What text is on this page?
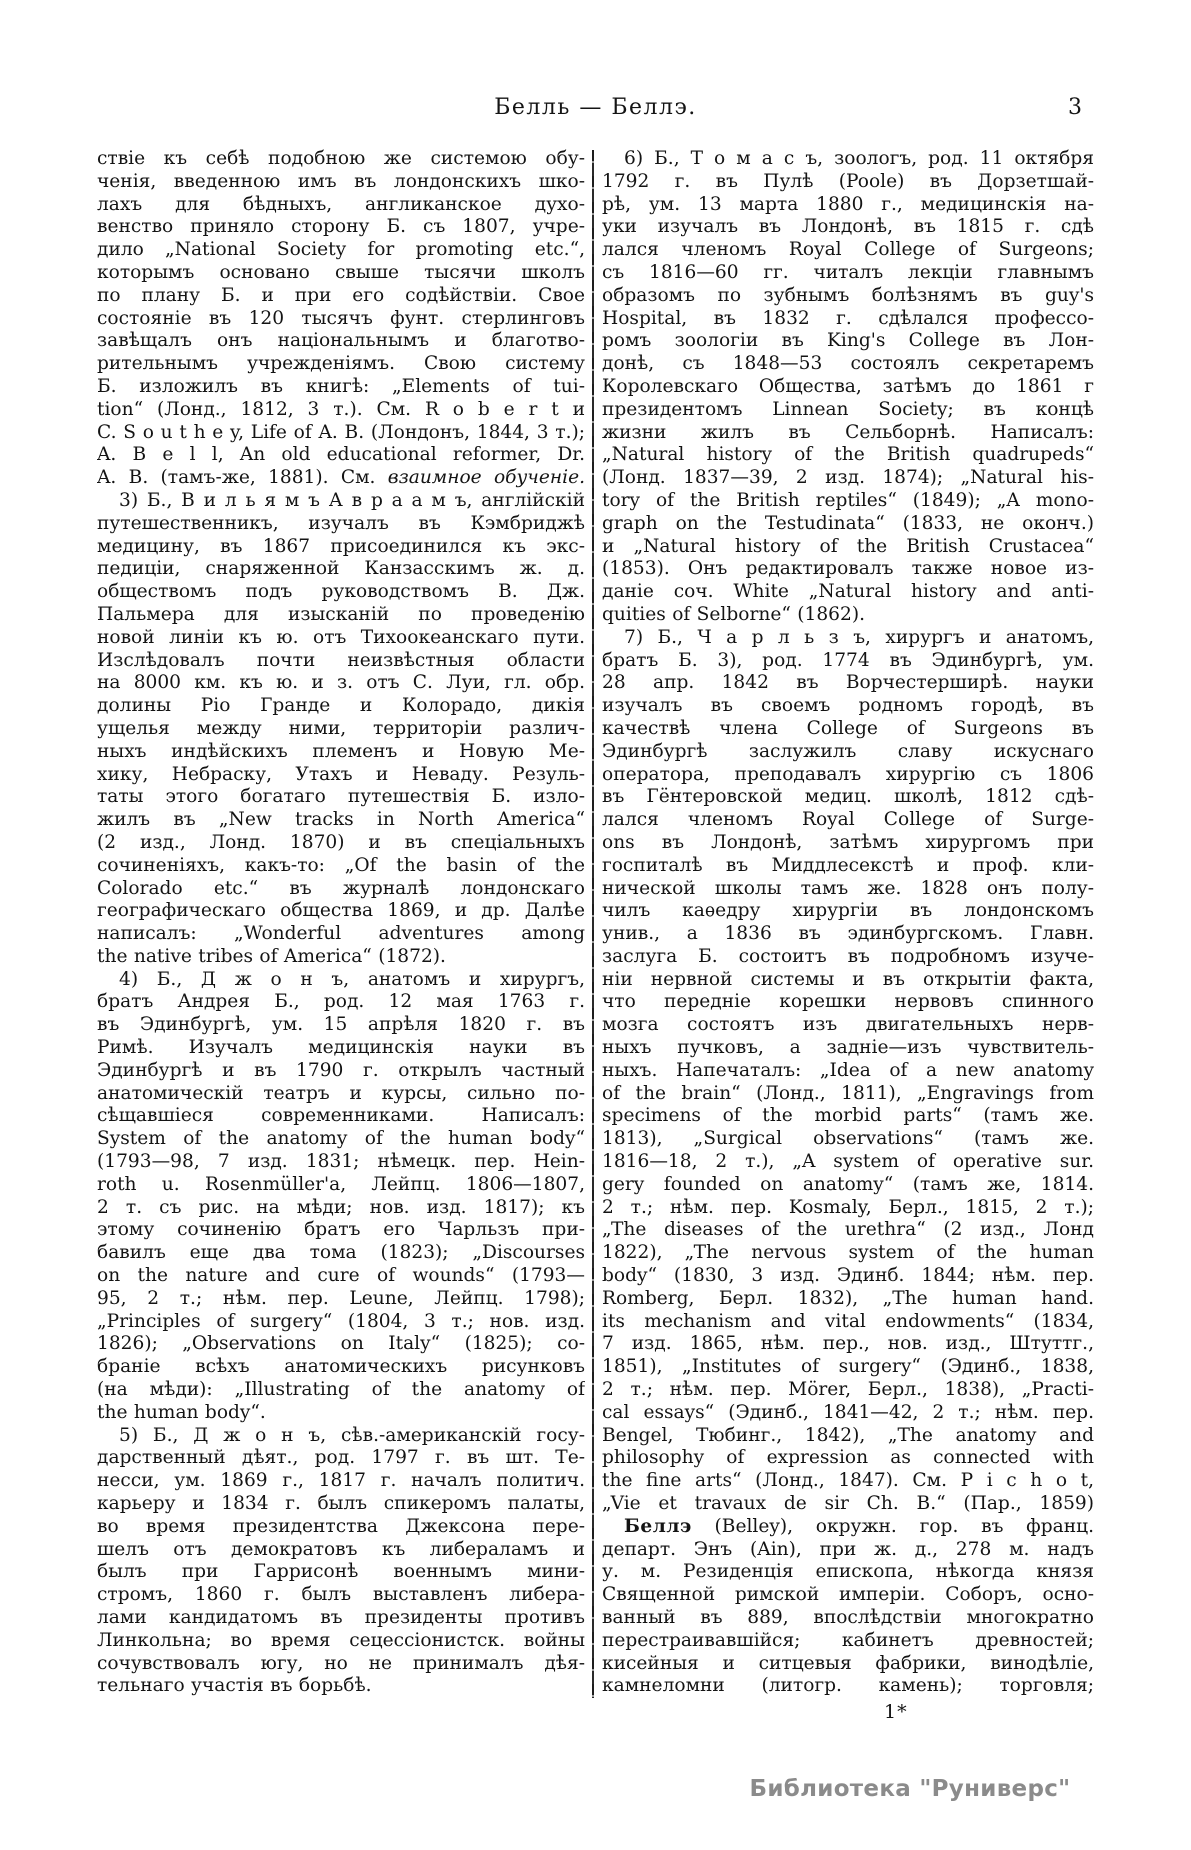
Белль — Беллэ.	3
ствіе къ себѣ подобною же системою обу-
ченія, введенною имъ въ лондонскихъ шко-
лахъ для бѣдныхъ, англиканское духо-
венство приняло сторону Б. съ 1807, учре-
дило „National Society for promoting etc.“,
которымъ основано свыше тысячи школъ
по плану Б. и при его содѣйствіи. Свое
состояніе въ 120 тысячъ фунт. стерлинговъ
завѣщалъ онъ національнымъ и благотво-
рительнымъ учрежденіямъ. Свою систему
Б. изложилъ въ книгѣ: „Elements of tui-
tion“ (Лонд., 1812, 3 т.). См. R o b e r t и
C. S o u t h e y, Life of A. B. (Лондонъ, 1844, 3 т.);
A. B e l l, An old educational reformer, Dr.
A. B. (тамъ-же, 1881). См. взаимное обученіе.
3) Б., В и л ь я м ъ А в р а а м ъ, англійскій
путешественникъ, изучалъ въ Кэмбриджѣ
медицину, въ 1867 присоединился къ экс-
педиціи, снаряженной Канзасскимъ ж. д.
обществомъ подъ руководствомъ В. Дж.
Пальмера для изысканій по проведенію
новой линіи къ ю. отъ Тихоокеанскаго пути.
Изслѣдовалъ почти неизвѣстныя области
на 8000 км. къ ю. и з. отъ С. Луи, гл. обр.
долины Ріо Гранде и Колорадо, дикія
ущелья между ними, территоріи различ-
ныхъ индѣйскихъ племенъ и Новую Ме-
хику, Небраску, Утахъ и Неваду. Резуль-
таты этого богатаго путешествія Б. изло-
жилъ въ „New tracks in North America“
(2 изд., Лонд. 1870) и въ спеціальныхъ
сочиненіяхъ, какъ-то: „Of the basin of the
Colorado etc.“ въ журналѣ лондонскаго
географическаго общества 1869, и др. Далѣе
написалъ: „Wonderful adventures among
the native tribes of America“ (1872).
4) Б., Д ж о н ъ, анатомъ и хирургъ,
братъ Андрея Б., род. 12 мая 1763 г.
въ Эдинбургѣ, ум. 15 апрѣля 1820 г. въ
Римѣ. Изучалъ медицинскія науки въ
Эдинбургѣ и въ 1790 г. открылъ частный
анатомическій театръ и курсы, сильно по-
сѣщавшіеся современниками. Написалъ:
System of the anatomy of the human body“
(1793—98, 7 изд. 1831; нѣмецк. пер. Hein-
roth u. Rosenmüller'a, Лейпц. 1806—1807,
2 т. съ рис. на мѣди; нов. изд. 1817); къ
этому сочиненію братъ его Чарльзъ при-
бавилъ еще два тома (1823); „Discourses
on the nature and cure of wounds“ (1793—
95, 2 т.; нѣм. пер. Leune, Лейпц. 1798);
„Principles of surgery“ (1804, 3 т.; нов. изд.
1826); „Observations on Italy“ (1825); со-
браніе всѣхъ анатомическихъ рисунковъ
(на мѣди): „Illustrating of the anatomy of
the human body“.
5) Б., Д ж о н ъ, сѣв.-американскій госу-
дарственный дѣят., род. 1797 г. въ шт. Те-
несси, ум. 1869 г., 1817 г. началъ политич.
карьеру и 1834 г. былъ спикеромъ палаты,
во время президентства Джексона пере-
шелъ отъ демократовъ къ либераламъ и
былъ при Гаррисонѣ военнымъ мини-
стромъ, 1860 г. былъ выставленъ либера-
лами кандидатомъ въ президенты противъ
Линкольна; во время сецессіонистск. войны
сочувствовалъ югу, но не принималъ дѣя-
тельнаго участія въ борьбѣ.
6) Б., Т о м а с ъ, зоологъ, род. 11 октября
1792 г. въ Пулѣ (Poole) въ Дорзетшай-
рѣ, ум. 13 марта 1880 г., медицинскія на-
уки изучалъ въ Лондонѣ, въ 1815 г. сдѣ
лался членомъ Royal College of Surgeons;
съ 1816—60 гг. читалъ лекціи главнымъ
образомъ по зубнымъ болѣзнямъ въ guy's
Hospital, въ 1832 г. сдѣлался профессо-
ромъ зоологіи въ King's College въ Лон-
донѣ, съ 1848—53 состоялъ секретаремъ
Королевскаго Общества, затѣмъ до 1861 г
президентомъ Linnean Society; въ концѣ
жизни жилъ въ Сельборнѣ. Написалъ:
„Natural history of the British quadrupeds“
(Лонд. 1837—39, 2 изд. 1874); „Natural his-
tory of the British reptiles“ (1849); „A mono-
graph on the Testudinata“ (1833, не оконч.)
и „Natural history of the British Crustacea“
(1853). Онъ редактировалъ также новое из-
даніе соч. White „Natural history and anti-
quities of Selborne“ (1862).
7) Б., Ч а р л ь з ъ, хирургъ и анатомъ,
братъ Б. 3), род. 1774 въ Эдинбургѣ, ум.
28 апр. 1842 въ Ворчестерширѣ. науки
изучалъ въ своемъ родномъ городѣ, въ
качествѣ члена College of Surgeons въ
Эдинбургѣ заслужилъ славу искуснаго
оператора, преподавалъ хирургію съ 1806
въ Гёнтеровской медиц. школѣ, 1812 сдѣ-
лался членомъ Royal College of Surge-
ons въ Лондонѣ, затѣмъ хирургомъ при
госпиталѣ въ Миддлесекстѣ и проф. кли-
нической школы тамъ же. 1828 онъ полу-
чилъ каѳедру хирургіи въ лондонскомъ
унив., а 1836 въ эдинбургскомъ. Главн.
заслуга Б. состоитъ въ подробномъ изуче-
ніи нервной системы и въ открытіи факта,
что передніе корешки нервовъ спинного
мозга состоятъ изъ двигательныхъ нерв-
ныхъ пучковъ, а задніе—изъ чувствитель-
ныхъ. Напечаталъ: „Idea of a new anatomy
of the brain“ (Лонд., 1811), „Engravings from
specimens of the morbid parts“ (тамъ же.
1813), „Surgical observations“ (тамъ же.
1816—18, 2 т.), „A system of operative sur.
gery founded on anatomy“ (тамъ же, 1814.
2 т.; нѣм. пер. Kosmaly, Берл., 1815, 2 т.);
„The diseases of the urethra“ (2 изд., Лонд
1822), „The nervous system of the human
body“ (1830, 3 изд. Эдинб. 1844; нѣм. пер.
Romberg, Берл. 1832), „The human hand.
its mechanism and vital endowments“ (1834,
7 изд. 1865, нѣм. пер., нов. изд., Штуттг.,
1851), „Institutes of surgery“ (Эдинб., 1838,
2 т.; нѣм. пер. Mörer, Берл., 1838), „Practi-
cal essays“ (Эдинб., 1841—42, 2 т.; нѣм. пер.
Bengel, Тюбинг., 1842), „The anatomy and
philosophy of expression as connected with
the fine arts“ (Лонд., 1847). См. P i c h o t,
„Vie et travaux de sir Ch. B.“ (Пар., 1859)
Беллэ (Belley), окружн. гор. въ франц.
департ. Энъ (Ain), при ж. д., 278 м. надъ
у. м. Резиденція епископа, нѣкогда князя
Священной римской имперіи. Соборъ, осно-
ванный въ 889, впослѣдствіи многократно
перестраивавшійся; кабинетъ древностей;
кисейныя и ситцевыя фабрики, винодѣліе,
камнеломни (литогр. камень); торговля;
1*
Библиотека "Руниверс"
